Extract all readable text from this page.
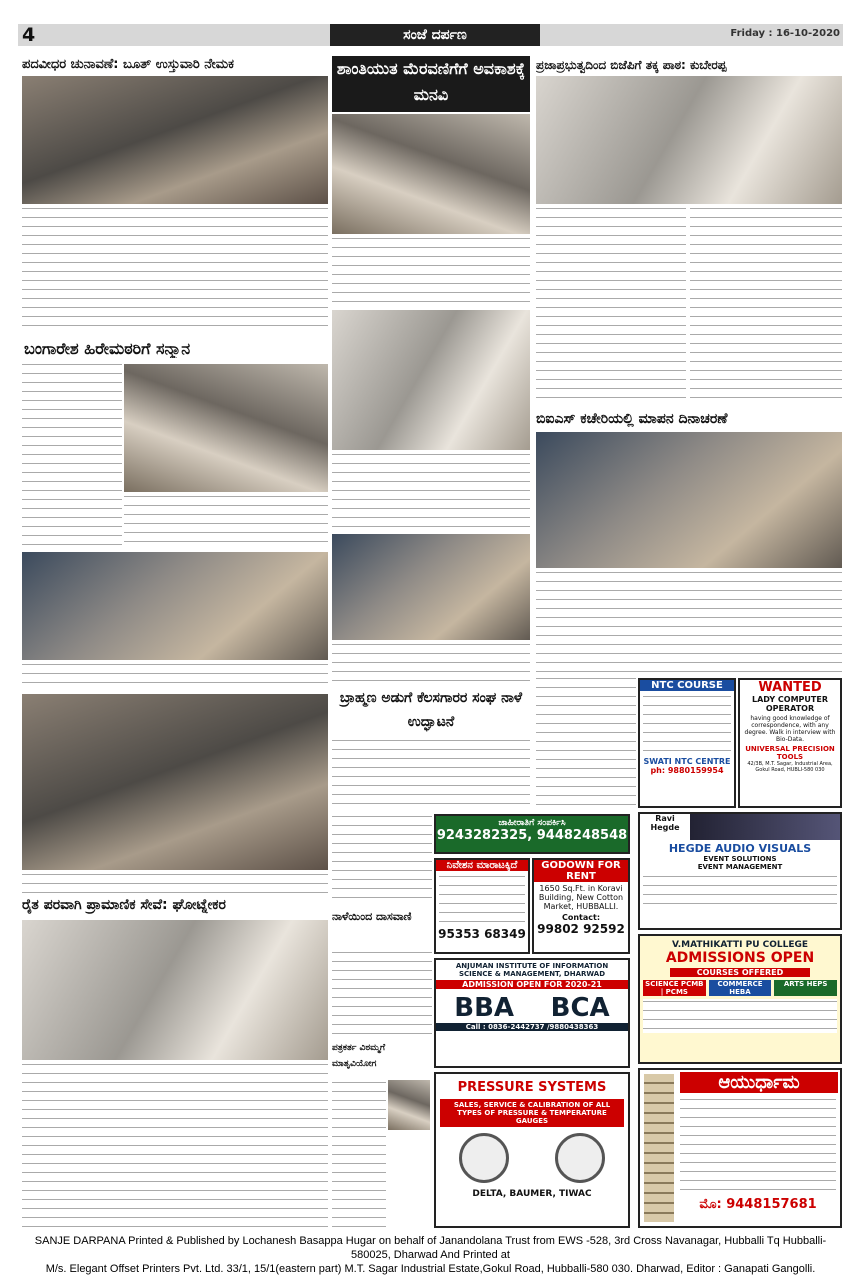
4	ಸಂಜೆ ದರ್ಪಣ	Friday : 16-10-2020
ಪದವೀಧರ ಚುನಾವಣೆ: ಬೂತ್ ಉಸ್ತುವಾರಿ ನೇಮಕ
ಬಂಗಾರೇಶ ಹಿರೇಮಠರಿಗೆ ಸನ್ಮಾನ
ರೈತ ಪರವಾಗಿ ಪ್ರಾಮಾಣಿಕ ಸೇವೆ: ಘೋಟ್ನೇಕರ
ಶಾಂತಿಯುತ ಮೆರವಣಿಗೆಗೆ ಅವಕಾಶಕ್ಕೆ ಮನವಿ
ಬ್ರಾಹ್ಮಣ ಅಡುಗೆ ಕೆಲಸಗಾರರ ಸಂಘ ನಾಳೆ ಉದ್ಘಾಟನೆ
ಜಾಹೀರಾತಿಗೆ ಸಂಪರ್ಕಿಸಿ
9243282325, 9448248548
ನಿವೇಶನ ಮಾರಾಟಕ್ಕಿದೆ
95353 68349
GODOWN FOR RENT
1650 Sq.Ft. in Koravi Building, New Cotton Market, HUBBALLI.
Contact:
99802 92592
ನಾಳೆಯಿಂದ ದಾಸವಾಣಿ
ಪತ್ರಕರ್ತ ವಿಠಮ್ಮಗೆ ಮಾತೃವಿಯೋಗ
ANJUMAN INSTITUTE OF INFORMATION SCIENCE & MANAGEMENT, DHARWAD
ADMISSION OPEN FOR 2020-21
BBA BCA
Call : 0836-2442737 /9880438363
PRESSURE SYSTEMS
SALES, SERVICE & CALIBRATION OF ALL TYPES OF PRESSURE & TEMPERATURE GAUGES
DELTA, BAUMER, TIWAC
ಪ್ರಜಾಪ್ರಭುತ್ವದಿಂದ ಬಿಜೆಪಿಗೆ ತಕ್ಕ ಪಾಠ: ಕುಬೇರಪ್ಪ
ಬಿಐಎಸ್ ಕಚೇರಿಯಲ್ಲಿ ಮಾಪನ ದಿನಾಚರಣೆ
NTC COURSE
SWATI NTC CENTRE
ph: 9880159954
WANTED
LADY COMPUTER OPERATOR
having good knowledge of correspondence, with any degree. Walk in interview with Bio-Data.
UNIVERSAL PRECISION TOOLS
42/3B, M.T. Sagar, Industrial Area, Gokul Road, HUBLI-580 030
Ravi Hegde
HEGDE AUDIO VISUALS
EVENT SOLUTIONS
EVENT MANAGEMENT
V.MATHIKATTI PU COLLEGE
ADMISSIONS OPEN
COURSES OFFERED
SCIENCE PCMB | PCMS
COMMERCE HEBA
ARTS HEPS
ಆಯುರ್ಧಾಮ
ಮೊ: 9448157681
SANJE DARPANA Printed & Published by Lochanesh Basappa Hugar on behalf of Janandolana Trust from EWS -528, 3rd Cross Navanagar, Hubballi Tq Hubballi- 580025, Dharwad And Printed at
M/s. Elegant Offset Printers Pvt. Ltd. 33/1, 15/1(eastern part) M.T. Sagar Industrial Estate,Gokul Road, Hubballi-580 030. Dharwad, Editor : Ganapati Gangolli.
